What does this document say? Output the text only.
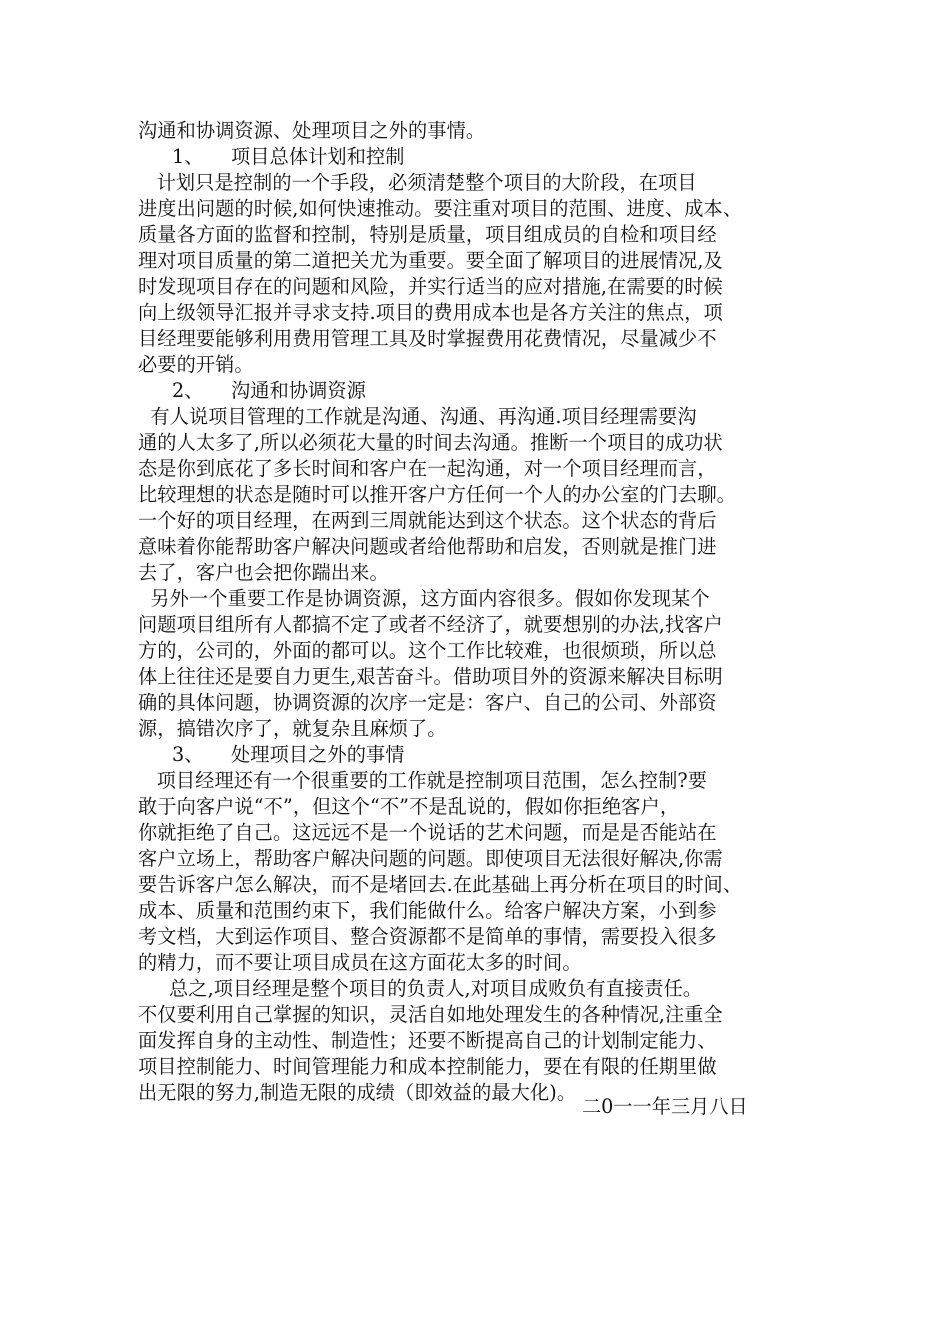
沟通和协调资源、处理项目之外的事情。
1、 项目总体计划和控制
计划只是控制的一个手段，必须清楚整个项目的大阶段，在项目
进度出问题的时候,如何快速推动。要注重对项目的范围、进度、成本、
质量各方面的监督和控制，特别是质量，项目组成员的自检和项目经
理对项目质量的第二道把关尤为重要。要全面了解项目的进展情况,及
时发现项目存在的问题和风险，并实行适当的应对措施,在需要的时候
向上级领导汇报并寻求支持.项目的费用成本也是各方关注的焦点，项
目经理要能够利用费用管理工具及时掌握费用花费情况，尽量减少不
必要的开销。
2、 沟通和协调资源
有人说项目管理的工作就是沟通、沟通、再沟通.项目经理需要沟
通的人太多了,所以必须花大量的时间去沟通。推断一个项目的成功状
态是你到底花了多长时间和客户在一起沟通，对一个项目经理而言，
比较理想的状态是随时可以推开客户方任何一个人的办公室的门去聊。
一个好的项目经理，在两到三周就能达到这个状态。这个状态的背后
意味着你能帮助客户解决问题或者给他帮助和启发，否则就是推门进
去了，客户也会把你踹出来。
另外一个重要工作是协调资源，这方面内容很多。假如你发现某个
问题项目组所有人都搞不定了或者不经济了，就要想别的办法,找客户
方的，公司的，外面的都可以。这个工作比较难，也很烦琐，所以总
体上往往还是要自力更生,艰苦奋斗。借助项目外的资源来解决目标明
确的具体问题，协调资源的次序一定是：客户、自己的公司、外部资
源，搞错次序了，就复杂且麻烦了。
3、 处理项目之外的事情
项目经理还有一个很重要的工作就是控制项目范围，怎么控制?要
敢于向客户说“不”，但这个“不”不是乱说的，假如你拒绝客户，
你就拒绝了自己。这远远不是一个说话的艺术问题，而是是否能站在
客户立场上，帮助客户解决问题的问题。即使项目无法很好解决,你需
要告诉客户怎么解决，而不是堵回去.在此基础上再分析在项目的时间、
成本、质量和范围约束下，我们能做什么。给客户解决方案，小到参
考文档，大到运作项目、整合资源都不是简单的事情，需要投入很多
的精力，而不要让项目成员在这方面花太多的时间。
总之,项目经理是整个项目的负责人,对项目成败负有直接责任。
不仅要利用自己掌握的知识，灵活自如地处理发生的各种情况,注重全
面发挥自身的主动性、制造性；还要不断提高自己的计划制定能力、
项目控制能力、时间管理能力和成本控制能力，要在有限的任期里做
出无限的努力,制造无限的成绩（即效益的最大化)。
二0一一年三月八日
